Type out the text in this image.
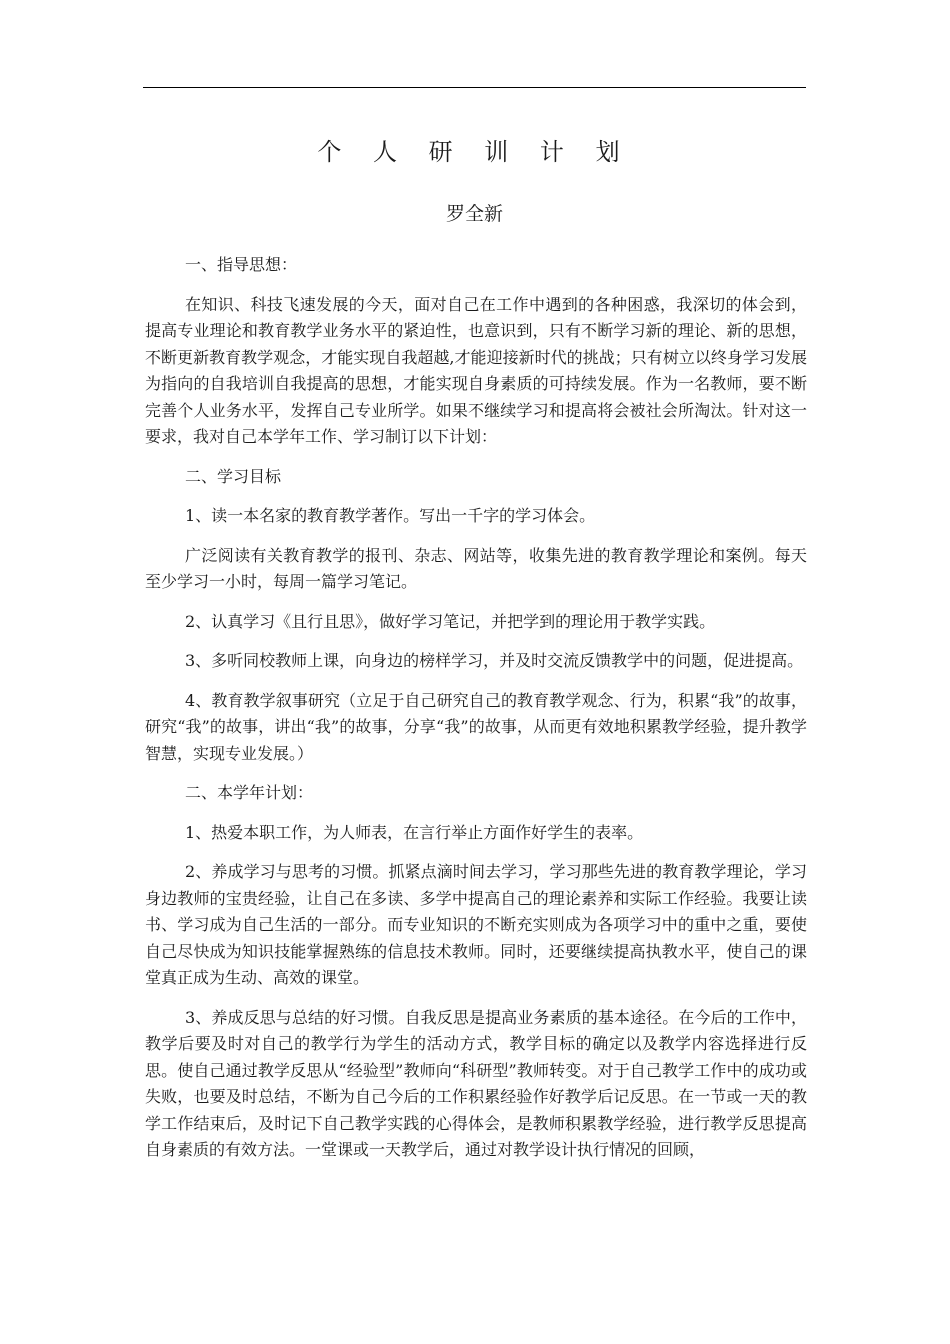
个 人 研 训 计 划
罗全新

一、指导思想：

在知识、科技飞速发展的今天，面对自己在工作中遇到的各种困惑，我深切的体会到，提高专业理论和教育教学业务水平的紧迫性，也意识到，只有不断学习新的理论、新的思想，不断更新教育教学观念，才能实现自我超越,才能迎接新时代的挑战；只有树立以终身学习发展为指向的自我培训自我提高的思想，才能实现自身素质的可持续发展。作为一名教师，要不断完善个人业务水平，发挥自己专业所学。如果不继续学习和提高将会被社会所淘汰。针对这一要求，我对自己本学年工作、学习制订以下计划：

二、学习目标

1、读一本名家的教育教学著作。写出一千字的学习体会。

广泛阅读有关教育教学的报刊、杂志、网站等，收集先进的教育教学理论和案例。每天至少学习一小时，每周一篇学习笔记。

2、认真学习《且行且思》，做好学习笔记，并把学到的理论用于教学实践。

3、多听同校教师上课，向身边的榜样学习，并及时交流反馈教学中的问题，促进提高。

4、教育教学叙事研究（立足于自己研究自己的教育教学观念、行为，积累“我”的故事，研究“我”的故事，讲出“我”的故事，分享“我”的故事，从而更有效地积累教学经验，提升教学智慧，实现专业发展。）

二、本学年计划：

1、热爱本职工作，为人师表，在言行举止方面作好学生的表率。

2、养成学习与思考的习惯。抓紧点滴时间去学习，学习那些先进的教育教学理论，学习身边教师的宝贵经验，让自己在多读、多学中提高自己的理论素养和实际工作经验。我要让读书、学习成为自己生活的一部分。而专业知识的不断充实则成为各项学习中的重中之重，要使自己尽快成为知识技能掌握熟练的信息技术教师。同时，还要继续提高执教水平，使自己的课堂真正成为生动、高效的课堂。

3、养成反思与总结的好习惯。自我反思是提高业务素质的基本途径。在今后的工作中，教学后要及时对自己的教学行为学生的活动方式，教学目标的确定以及教学内容选择进行反思。使自己通过教学反思从“经验型”教师向“科研型”教师转变。对于自己教学工作中的成功或失败，也要及时总结，不断为自己今后的工作积累经验作好教学后记反思。在一节或一天的教学工作结束后，及时记下自己教学实践的心得体会，是教师积累教学经验，进行教学反思提高自身素质的有效方法。一堂课或一天教学后，通过对教学设计执行情况的回顾，
